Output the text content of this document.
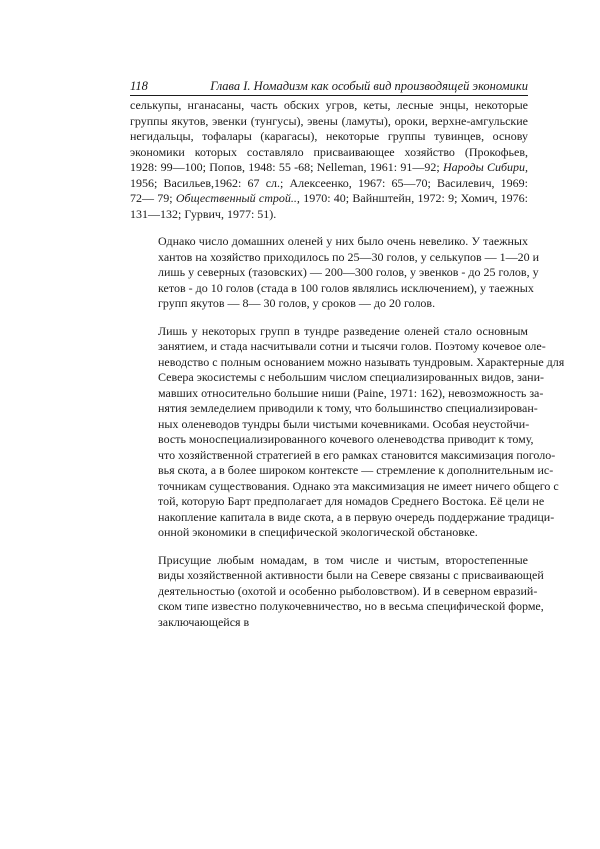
118	Глава I. Номадизм как особый вид производящей экономики

селькупы, нганасаны, часть обских угров, кеты, лесные энцы, некоторые
группы якутов, эвенки (тунгусы), эвены (ламуты), ороки, верхне-амгульские
негидальцы, тофалары (карагасы), некоторые группы тувинцев, основу
экономики которых составляло присваивающее хозяйство (Прокофьев,
1928: 99—100; Попов, 1948: 55 -68; Nelleman, 1961: 91—92; Народы Сибири,
1956; Васильев,1962: 67 сл.; Алексеенко, 1967: 65—70; Василевич, 1969:
72— 79; Общественный строй.., 1970: 40; Вайнштейн, 1972: 9; Хомич, 1976:
131—132; Гурвич, 1977: 51).

Однако число домашних оленей у них было очень невелико. У таежных
хантов на хозяйство приходилось по 25—30 голов, у селькупов — 1—20 и
лишь у северных (тазовских) — 200—300 голов, у эвенков - до 25 голов, у
кетов - до 10 голов (стада в 100 голов являлись исключением), у таежных
групп якутов — 8— 30 голов, у сроков — до 20 голов.

Лишь у некоторых групп в тундре разведение оленей стало основным
занятием, и стада насчитывали сотни и тысячи голов. Поэтому кочевое оле-
неводство с полным основанием можно называть тундровым. Характерные для
Севера экосистемы с небольшим числом специализированных видов, зани-
мавших относительно большие ниши (Paine, 1971: 162), невозможность за-
нятия земледелием приводили к тому, что большинство специализирован-
ных оленеводов тундры были чистыми кочевниками. Особая неустойчи-
вость моноспециализированного кочевого оленеводства приводит к тому,
что хозяйственной стратегией в его рамках становится максимизация поголо-
вья скота, а в более широком контексте — стремление к дополнительным ис-
точникам существования. Однако эта максимизация не имеет ничего общего с
той, которую Барт предполагает для номадов Среднего Востока. Её цели не
накопление капитала в виде скота, а в первую очередь поддержание традици-
онной экономики в специфической экологической обстановке.

Присущие любым номадам, в том числе и чистым, второстепенные
виды хозяйственной активности были на Севере связаны с присваивающей
деятельностью (охотой и особенно рыболовством). И в северном евразий-
ском типе известно полукочевничество, но в весьма специфической форме,
заключающейся в
